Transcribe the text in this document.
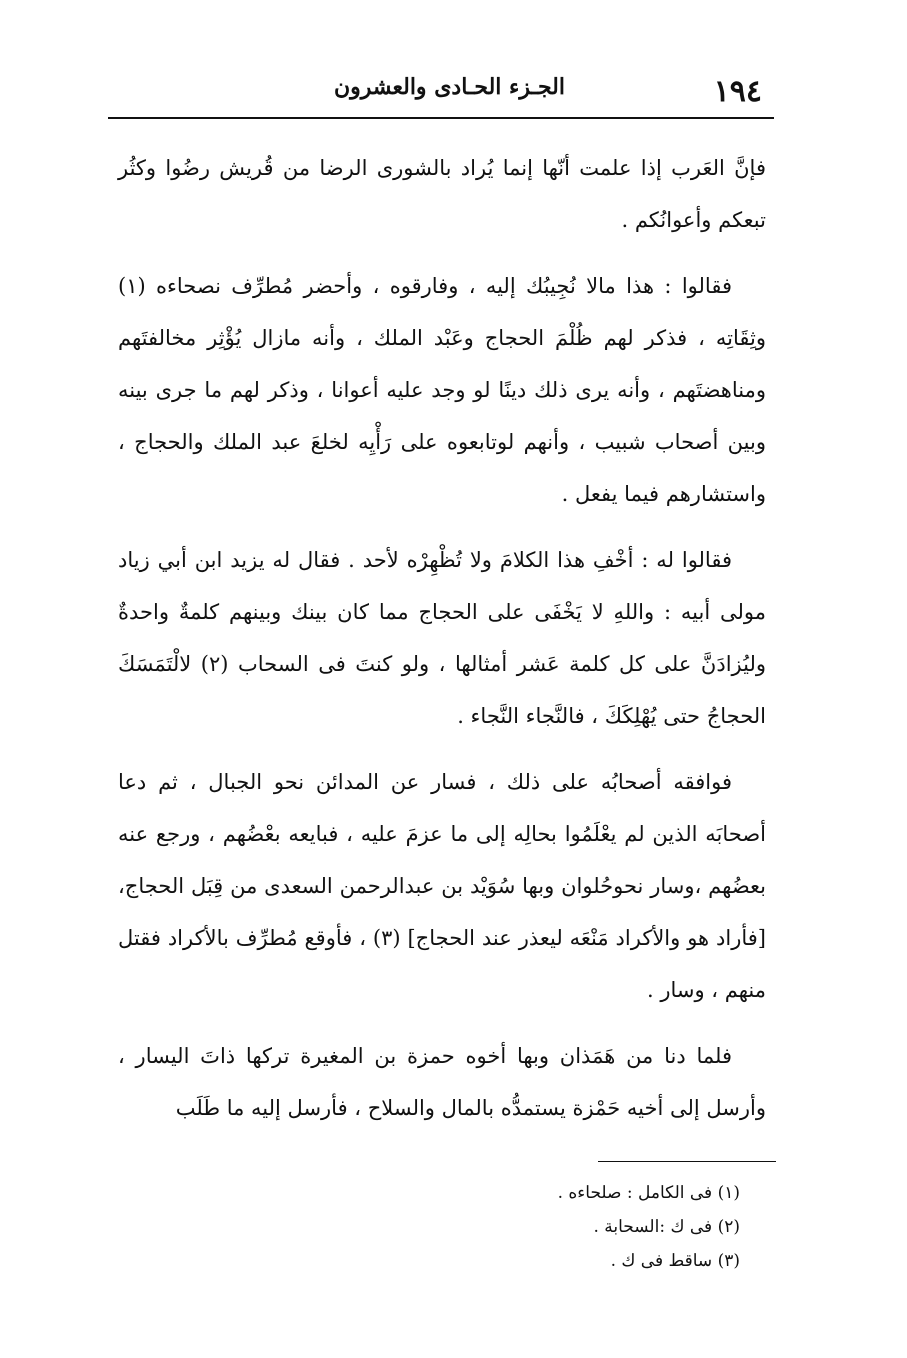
١٩٤
الجـزء الحـادى والعشرون

فإنَّ العَرب إذا علمت أنّها إنما يُراد بالشورى الرضا من قُريش رضُوا وكثُر تبعكم وأعوانُكم .

فقالوا : هذا مالا نُجِيبُك إليه ، وفارقوه ، وأحضر مُطرِّف نصحاءه (١) وثِقَاتِه ، فذكر لهم ظُلْمَ الحجاج وعَبْد الملك ، وأنه مازال يُؤْثِر مخالفتَهم ومناهضتَهم ، وأنه يرى ذلك دينًا لو وجد عليه أعوانا ، وذكر لهم ما جرى بينه وبين أصحاب شبيب ، وأنهم لوتابعوه على رَأْيِه لخلعَ عبد الملك والحجاج ، واستشارهم فيما يفعل .

فقالوا له : أخْفِ هذا الكلامَ ولا تُظْهِرْه لأحد . فقال له يزيد ابن أبي زياد مولى أبيه : واللهِ لا يَخْفَى على الحجاج مما كان بينك وبينهم كلمةٌ واحدةٌ وليُزادَنَّ على كل كلمة عَشر أمثالها ، ولو كنتَ فى السحاب (٢) لالْتَمَسَكَ الحجاجُ حتى يُهْلِكَكَ ، فالنَّجاء النَّجاء .

فوافقه أصحابُه على ذلك ، فسار عن المدائن نحو الجبال ، ثم دعا أصحابَه الذين لم يعْلَمُوا بحالِه إلى ما عزمَ عليه ، فبايعه بعْضُهم ، ورجع عنه بعضُهم ،وسار نحوحُلوان وبها سُوَيْد بن عبدالرحمن السعدى من قِبَل الحجاج، [فأراد هو والأكراد مَنْعَه ليعذر عند الحجاج] (٣) ، فأوقع مُطرِّف بالأكراد فقتل منهم ، وسار .

فلما دنا من هَمَذان وبها أخوه حمزة بن المغيرة تركها ذاتَ اليسار ، وأرسل إلى أخيه حَمْزة يستمدُّه بالمال والسلاح ، فأرسل إليه ما طَلَب

(١) فى الكامل : صلحاءه .
(٢) فى ك :السحابة .
(٣) ساقط فى ك .
